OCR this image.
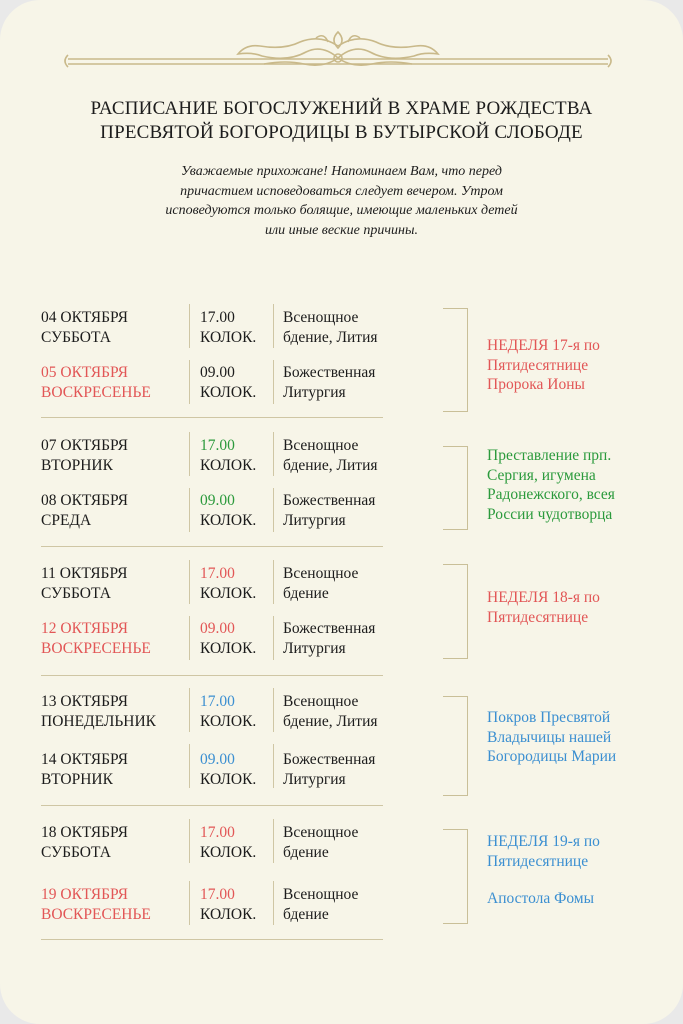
РАСПИСАНИЕ БОГОСЛУЖЕНИЙ В ХРАМЕ РОЖДЕСТВА
ПРЕСВЯТОЙ БОГОРОДИЦЫ В БУТЫРСКОЙ СЛОБОДЕ
Уважаемые прихожане! Напоминаем Вам, что перед
причастием исповедоваться следует вечером. Утром
исповедуются только болящие, имеющие маленьких детей
или иные веские причины.
04 ОКТЯБРЯ
СУББОТА
17.00
КОЛОК.
Всенощное
бдение, Лития
05 ОКТЯБРЯ
ВОСКРЕСЕНЬЕ
09.00
КОЛОК.
Божественная
Литургия
НЕДЕЛЯ 17-я по
Пятидесятнице
Пророка Ионы
07 ОКТЯБРЯ
ВТОРНИК
17.00
КОЛОК.
Всенощное
бдение, Лития
08 ОКТЯБРЯ
СРЕДА
09.00
КОЛОК.
Божественная
Литургия
Преставление прп.
Сергия, игумена
Радонежского, всея
России чудотворца
11 ОКТЯБРЯ
СУББОТА
17.00
КОЛОК.
Всенощное
бдение
12 ОКТЯБРЯ
ВОСКРЕСЕНЬЕ
09.00
КОЛОК.
Божественная
Литургия
НЕДЕЛЯ 18-я по
Пятидесятнице
13 ОКТЯБРЯ
ПОНЕДЕЛЬНИК
17.00
КОЛОК.
Всенощное
бдение, Лития
14 ОКТЯБРЯ
ВТОРНИК
09.00
КОЛОК.
Божественная
Литургия
Покров Пресвятой
Владычицы нашей
Богородицы Марии
18 ОКТЯБРЯ
СУББОТА
17.00
КОЛОК.
Всенощное
бдение
19 ОКТЯБРЯ
ВОСКРЕСЕНЬЕ
17.00
КОЛОК.
Всенощное
бдение
НЕДЕЛЯ 19-я по
Пятидесятнице
Апостола Фомы
